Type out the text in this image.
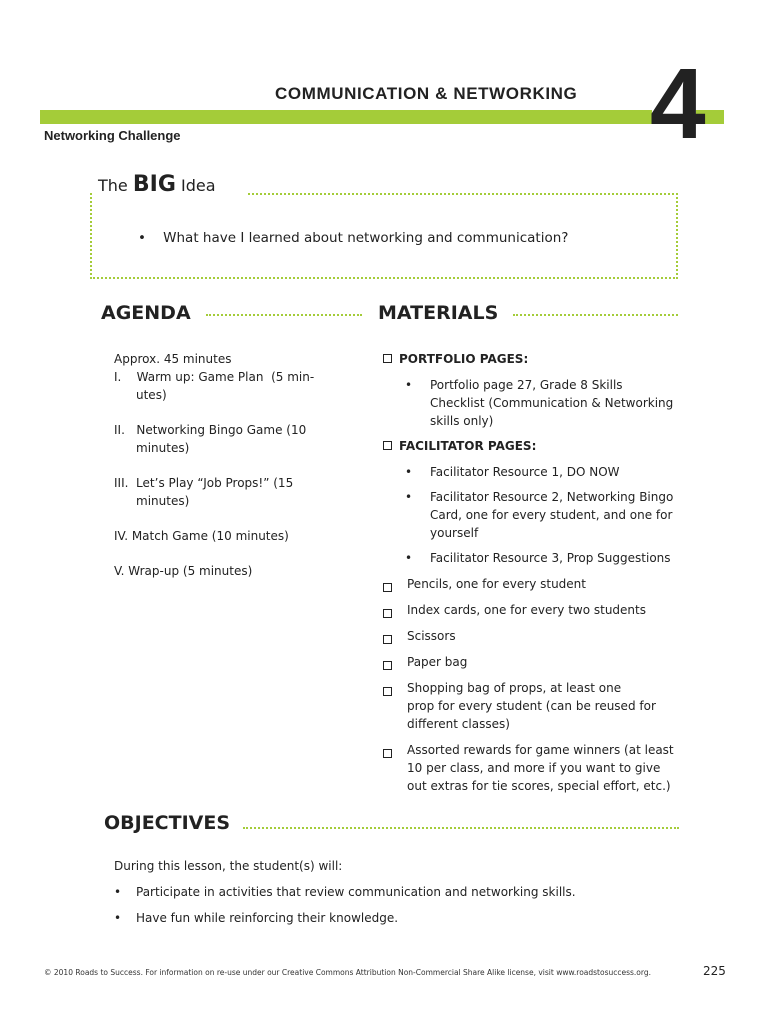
COMMUNICATION & NETWORKING 4
Networking Challenge
The BIG Idea
•    What have I learned about networking and communication?
AGENDA
Approx. 45 minutes
I.    Warm up: Game Plan  (5 min-
utes)
II.   Networking Bingo Game (10
minutes)
III.  Let’s Play “Job Props!” (15
minutes)
IV. Match Game (10 minutes)
V. Wrap-up (5 minutes)
MATERIALS
PORTFOLIO PAGES:
• Portfolio page 27, Grade 8 Skills
Checklist (Communication & Networking
skills only)
FACILITATOR PAGES:
• Facilitator Resource 1, DO NOW
• Facilitator Resource 2, Networking Bingo
Card, one for every student, and one for
yourself
• Facilitator Resource 3, Prop Suggestions
Pencils, one for every student
Index cards, one for every two students
Scissors
Paper bag
Shopping bag of props, at least one
prop for every student (can be reused for
different classes)
Assorted rewards for game winners (at least
10 per class, and more if you want to give
out extras for tie scores, special effort, etc.)
OBJECTIVES
During this lesson, the student(s) will:
• Participate in activities that review communication and networking skills.
• Have fun while reinforcing their knowledge.
© 2010 Roads to Success. For information on re-use under our Creative Commons Attribution Non-Commercial Share Alike license, visit www.roadstosuccess.org.	225
